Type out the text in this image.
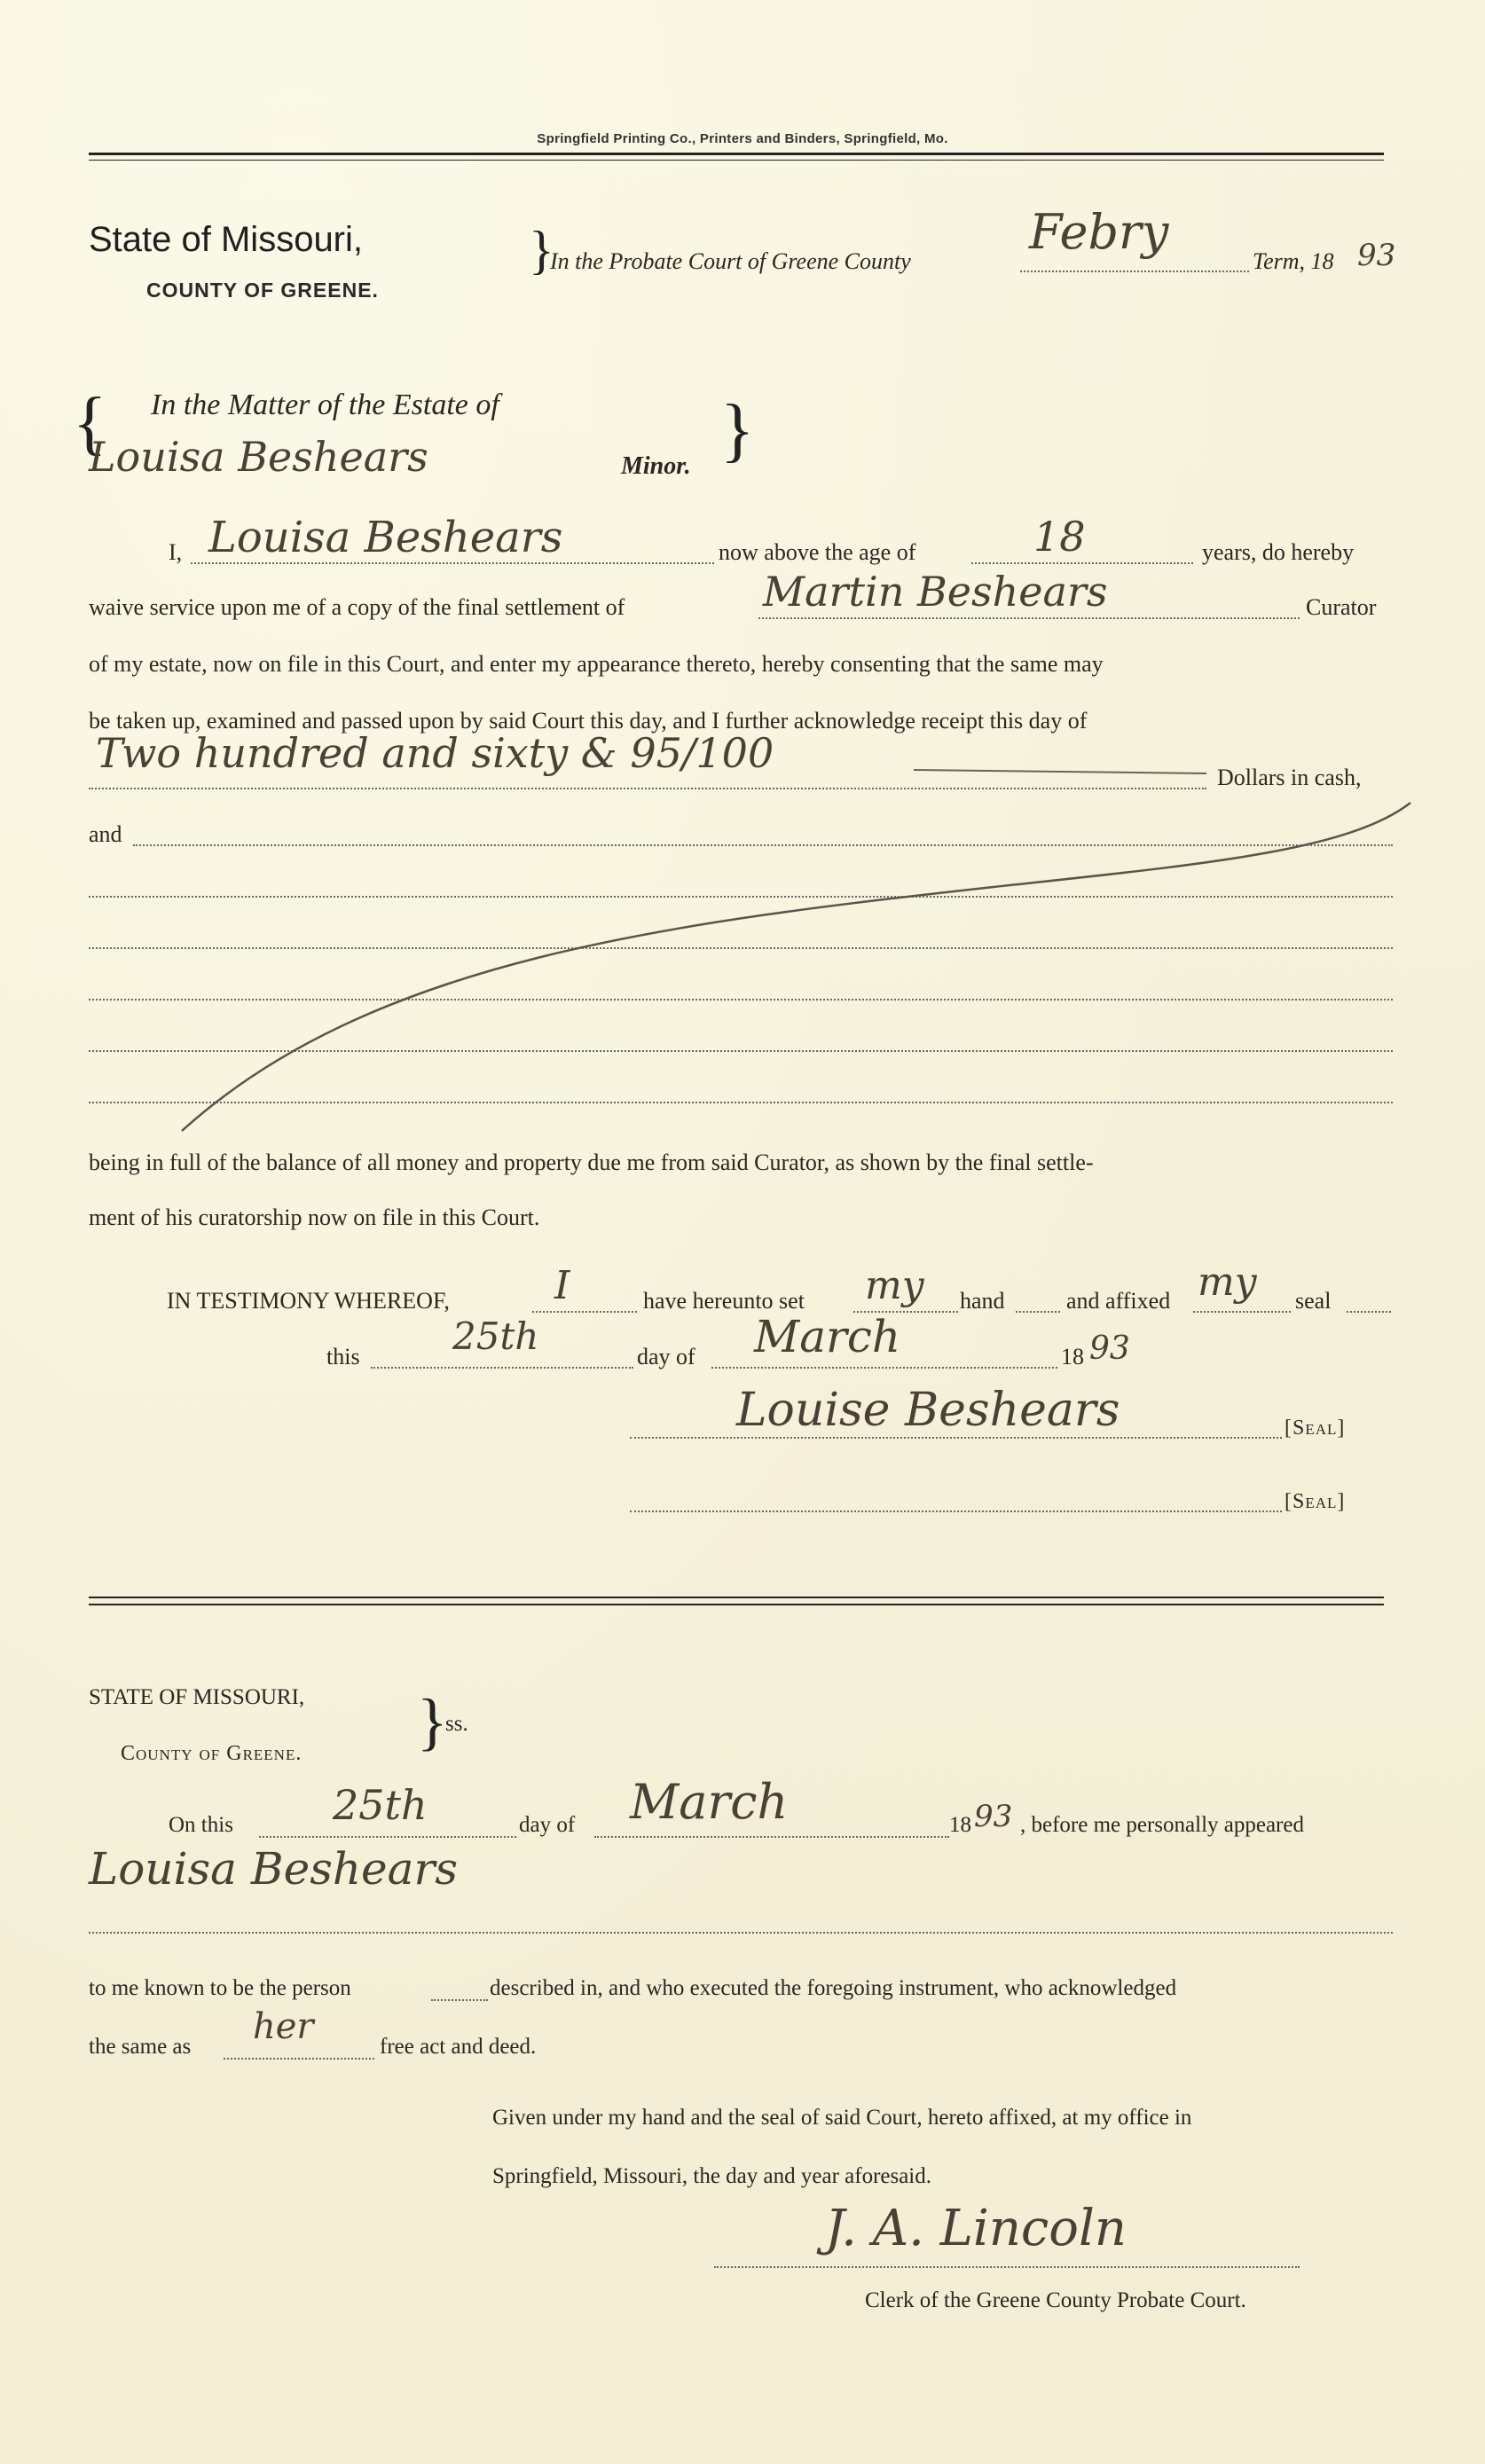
Springfield Printing Co., Printers and Binders, Springfield, Mo.
State of Missouri,
COUNTY OF GREENE.
}
In the Probate Court of Greene County
Febry
Term, 18 93
{ In the Matter of the Estate of
Louisa Beshears	Minor. }
I, Louisa Beshears	now above the age of	18	years, do hereby
waive service upon me of a copy of the final settlement of	Martin Beshears	Curator
of my estate, now on file in this Court, and enter my appearance thereto, hereby consenting that the same may
be taken up, examined and passed upon by said Court this day, and I further acknowledge receipt this day of
Two hundred and sixty & 95/100
Dollars in cash,
and
being in full of the balance of all money and property due me from said Curator, as shown by the final settle-
ment of his curatorship now on file in this Court.
IN TESTIMONY WHEREOF,	I	have hereunto set my hand	and affixed my seal
this 25th	day of March	18 93
Louise Beshears	[Seal]
[Seal]
STATE OF MISSOURI,
County of Greene. }
ss.
On this 25th	day of March	18 93 , before me personally appeared
Louisa Beshears
to me known to be the person	described in, and who executed the foregoing instrument, who acknowledged
the same as her	free act and deed.
Given under my hand and the seal of said Court, hereto affixed, at my office in
Springfield, Missouri, the day and year aforesaid.
J. A. Lincoln
Clerk of the Greene County Probate Court.
